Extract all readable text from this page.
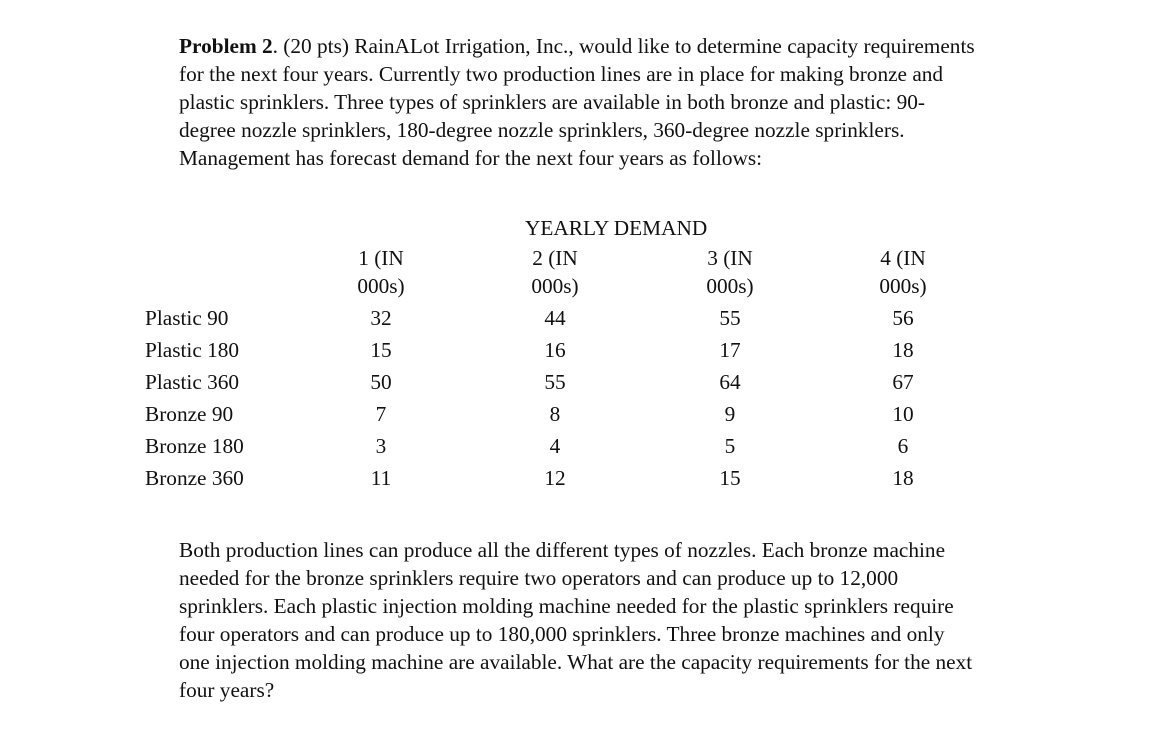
Problem 2. (20 pts) RainALot Irrigation, Inc., would like to determine capacity requirements
for the next four years. Currently two production lines are in place for making bronze and
plastic sprinklers. Three types of sprinklers are available in both bronze and plastic: 90-
degree nozzle sprinklers, 180-degree nozzle sprinklers, 360-degree nozzle sprinklers.
Management has forecast demand for the next four years as follows:
YEARLY DEMAND
1 (IN
000s)
2 (IN
000s)
3 (IN
000s)
4 (IN
000s)
Plastic 90	32	44	55	56
Plastic 180	15	16	17	18
Plastic 360	50	55	64	67
Bronze 90	7	8	9	10
Bronze 180	3	4	5	6
Bronze 360	11	12	15	18
Both production lines can produce all the different types of nozzles. Each bronze machine
needed for the bronze sprinklers require two operators and can produce up to 12,000
sprinklers. Each plastic injection molding machine needed for the plastic sprinklers require
four operators and can produce up to 180,000 sprinklers. Three bronze machines and only
one injection molding machine are available. What are the capacity requirements for the next
four years?
